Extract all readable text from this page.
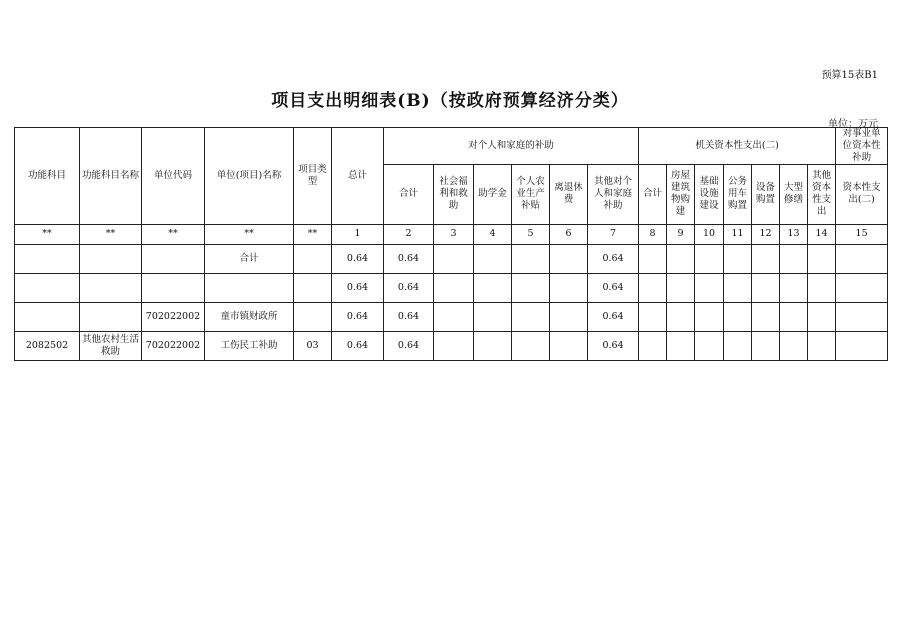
预算15表B1
项目支出明细表(B)（按政府预算经济分类）
单位：万元
功能科目	功能科目名称	单位代码	单位(项目)名称	项目类型	总计	对个人和家庭的补助						机关资本性支出(二)							对事业单位资本性补助
						合计	社会福利和救助	助学金	个人农业生产补贴	离退休费	其他对个人和家庭补助	合计	房屋建筑物购建	基础设施建设	公务用车购置	设备购置	大型修缮	其他资本性支出	资本性支出(二)
**	**	**	**	**	1	2	3	4	5	6	7	8	9	10	11	12	13	14	15
			合计		0.64	0.64					0.64								
					0.64	0.64					0.64								
		702022002	童市镇财政所		0.64	0.64					0.64								
2082502	其他农村生活救助	702022002	工伤民工补助	03	0.64	0.64					0.64								
